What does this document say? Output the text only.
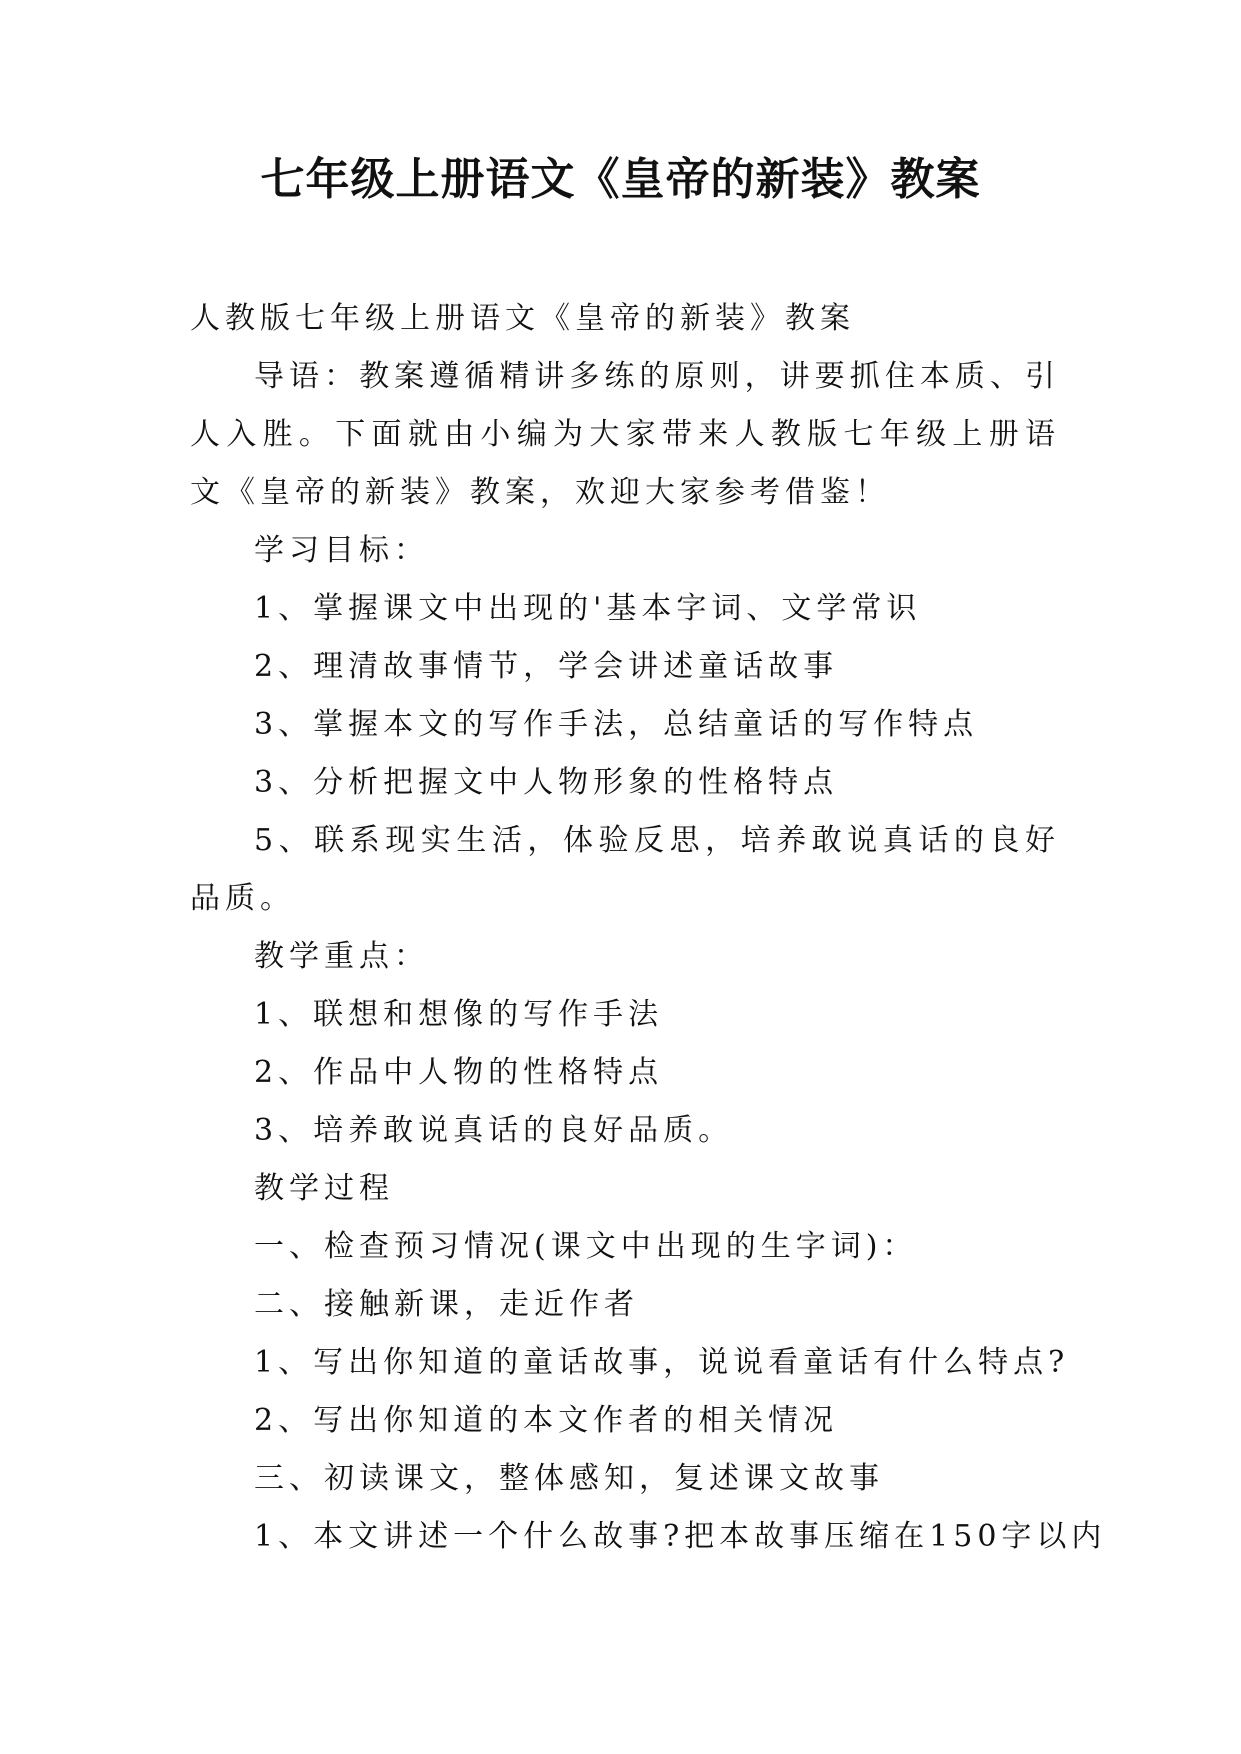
七年级上册语文《皇帝的新装》教案

人教版七年级上册语文《皇帝的新装》教案

导语：教案遵循精讲多练的原则，讲要抓住本质、引人入胜。下面就由小编为大家带来人教版七年级上册语文《皇帝的新装》教案，欢迎大家参考借鉴！

学习目标：

1、掌握课文中出现的'基本字词、文学常识

2、理清故事情节，学会讲述童话故事

3、掌握本文的写作手法，总结童话的写作特点

3、分析把握文中人物形象的性格特点

5、联系现实生活，体验反思，培养敢说真话的良好品质。

教学重点：

1、联想和想像的写作手法

2、作品中人物的性格特点

3、培养敢说真话的良好品质。

教学过程

一、检查预习情况(课文中出现的生字词)：

二、接触新课，走近作者

1、写出你知道的童话故事，说说看童话有什么特点?

2、写出你知道的本文作者的相关情况

三、初读课文，整体感知，复述课文故事

1、本文讲述一个什么故事?把本故事压缩在150字以内
